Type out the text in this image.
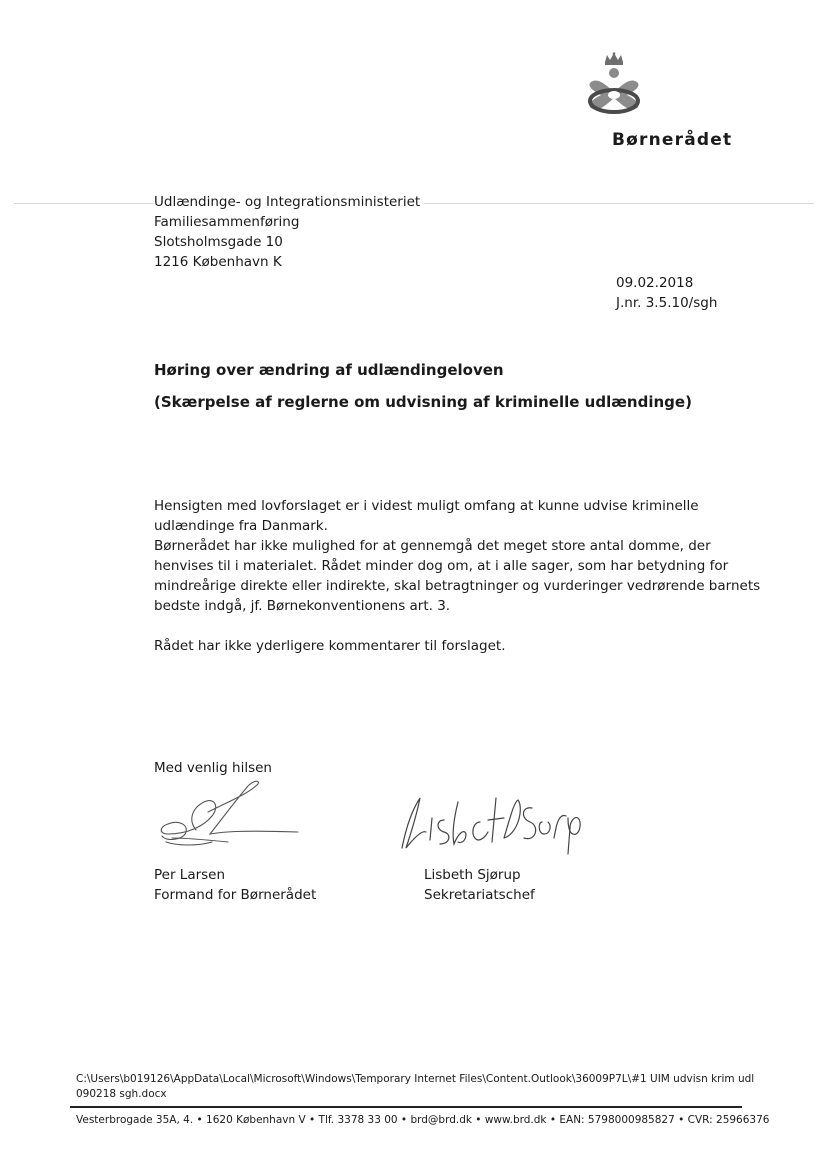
Børnerådet
Udlændinge- og Integrationsministeriet
Familiesammenføring
Slotsholmsgade 10
1216 København K
09.02.2018
J.nr. 3.5.10/sgh
Høring over ændring af udlændingeloven
(Skærpelse af reglerne om udvisning af kriminelle udlændinge)

Hensigten med lovforslaget er i videst muligt omfang at kunne udvise kriminelle udlændinge fra Danmark.

Børnerådet har ikke mulighed for at gennemgå det meget store antal domme, der henvises til i materialet. Rådet minder dog om, at i alle sager, som har betydning for mindreårige direkte eller indirekte, skal betragtninger og vurderinger vedrørende barnets bedste indgå, jf. Børnekonventionens art. 3.

Rådet har ikke yderligere kommentarer til forslaget.

Med venlig hilsen
Per Larsen
Formand for Børnerådet
Lisbeth Sjørup
Sekretariatschef
C:\Users\b019126\AppData\Local\Microsoft\Windows\Temporary Internet Files\Content.Outlook\36009P7L\#1 UIM udvisn krim udl 090218 sgh.docx
Vesterbrogade 35A, 4. • 1620 København V • Tlf. 3378 33 00 • brd@brd.dk • www.brd.dk • EAN: 5798000985827 • CVR: 25966376
